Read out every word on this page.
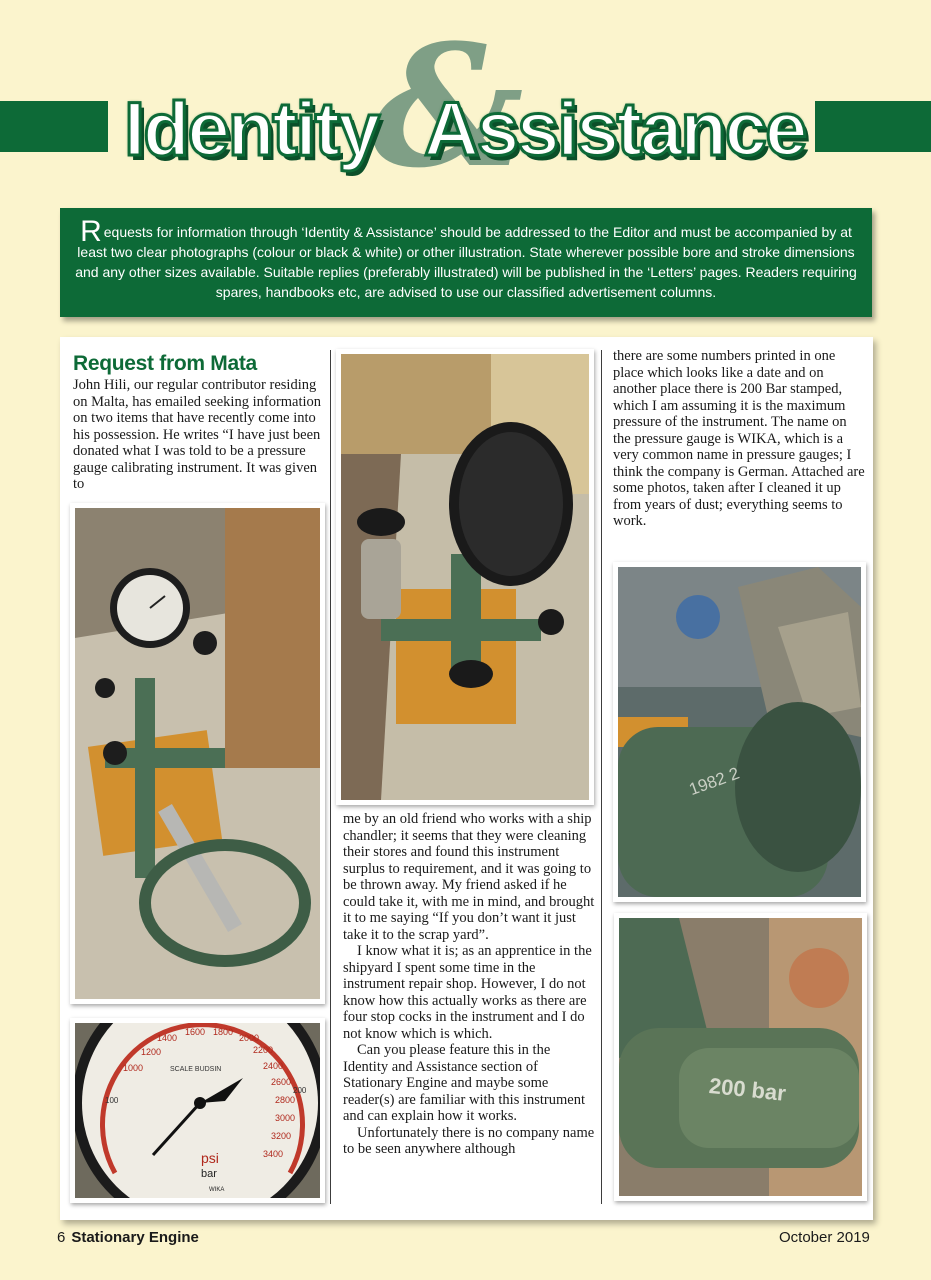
&
Identity Assistance
Requests for information through ‘Identity & Assistance’ should be addressed to the Editor and must be accompanied by at least two clear photographs (colour or black & white) or other illustration. State wherever possible bore and stroke dimensions and any other sizes available. Suitable replies (preferably illustrated) will be published in the ‘Letters’ pages. Readers requiring spares, handbooks etc, are advised to use our classified advertisement columns.
Request from Mata

John Hili, our regular contributor residing on Malta, has emailed seeking information on two items that have recently come into his possession. He writes “I have just been donated what I was told to be a pressure gauge calibrating instrument. It was given to

me by an old friend who works with a ship chandler; it seems that they were cleaning their stores and found this instrument surplus to requirement, and it was going to be thrown away. My friend asked if he could take it, with me in mind, and brought it to me saying “If you don’t want it just take it to the scrap yard”.

I know what it is; as an apprentice in the shipyard I spent some time in the instrument repair shop. However, I do not know how this actually works as there are four stop cocks in the instrument and I do not know which is which.

Can you please feature this in the Identity and Assistance section of Stationary Engine and maybe some reader(s) are familiar with this instrument and can explain how it works.

Unfortunately there is no company name to be seen anywhere although

there are some numbers printed in one place which looks like a date and on another place there is 200 Bar stamped, which I am assuming it is the maximum pressure of the instrument. The name on the pressure gauge is WIKA, which is a very common name in pressure gauges; I think the company is German. Attached are some photos, taken after I cleaned it up from years of dust; everything seems to work.

1600 1800
2000
2200
1400
1200
1000	2400
2600
2800
3000
3200
3400
100
200
SCALE BUDSIN
psi
bar
WIKA
1982 2
200 bar
6 Stationary Engine	October 2019
